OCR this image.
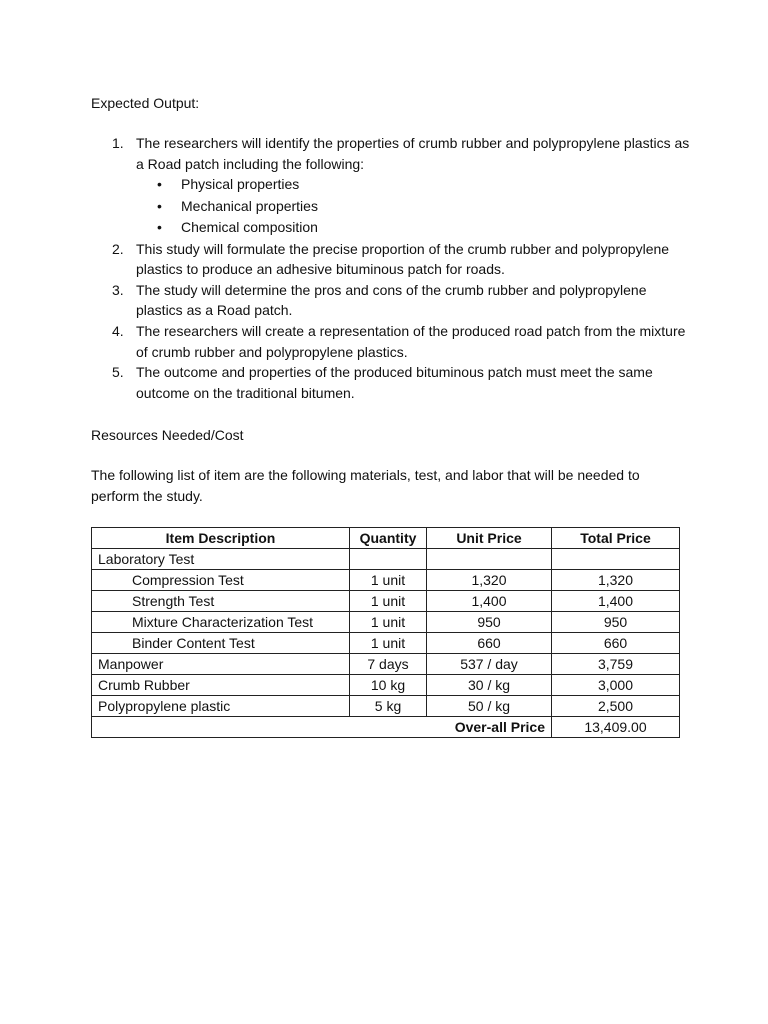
Expected Output:
1. The researchers will identify the properties of crumb rubber and polypropylene plastics as a Road patch including the following:
• Physical properties
• Mechanical properties
• Chemical composition
2. This study will formulate the precise proportion of the crumb rubber and polypropylene plastics to produce an adhesive bituminous patch for roads.
3. The study will determine the pros and cons of the crumb rubber and polypropylene plastics as a Road patch.
4. The researchers will create a representation of the produced road patch from the mixture of crumb rubber and polypropylene plastics.
5. The outcome and properties of the produced bituminous patch must meet the same outcome on the traditional bitumen.
Resources Needed/Cost
The following list of item are the following materials, test, and labor that will be needed to perform the study.
Item Description	Quantity	Unit Price	Total Price
Laboratory Test			
Compression Test	1 unit	1,320	1,320
Strength Test	1 unit	1,400	1,400
Mixture Characterization Test	1 unit	950	950
Binder Content Test	1 unit	660	660
Manpower	7 days	537 / day	3,759
Crumb Rubber	10 kg	30 / kg	3,000
Polypropylene plastic	5 kg	50 / kg	2,500
Over-all Price			13,409.00
